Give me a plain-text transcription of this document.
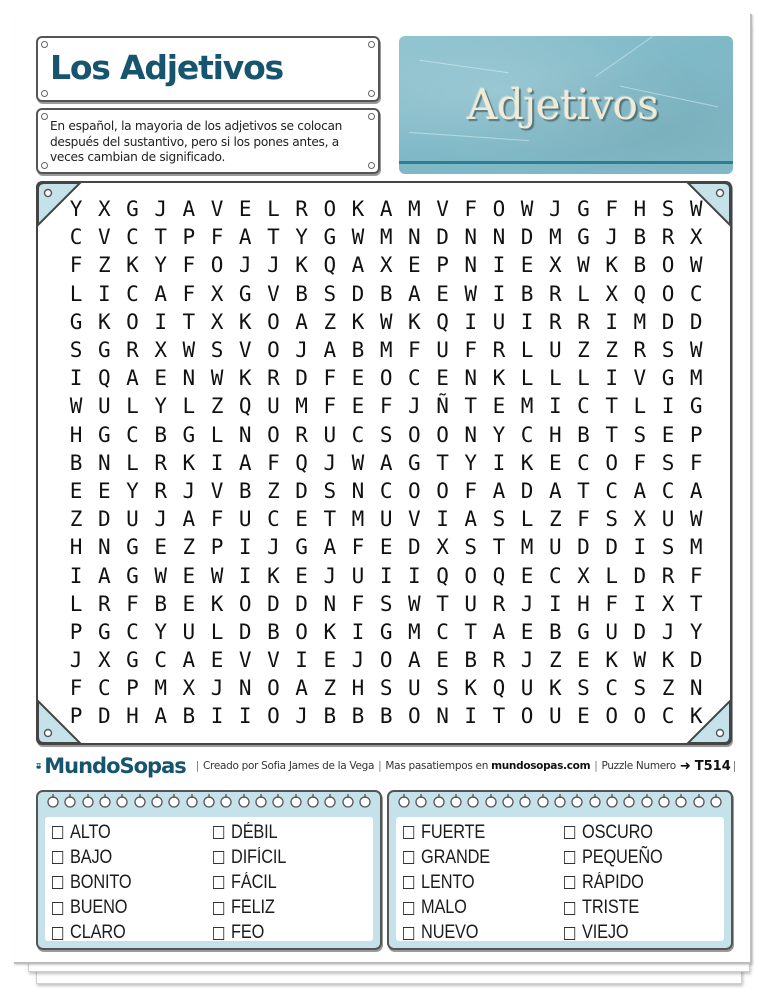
Los Adjetivos
En español, la mayoria de los adjetivos se colocan después del sustantivo, pero si los pones antes, a veces cambian de significado.
Adjetivos
Y X G J A V E L R O K A M V F O W J G F H S W
C V C T P F A T Y G W M N D N N D M G J B R X
F Z K Y F O J J K Q A X E P N I E X W K B O W
L I C A F X G V B S D B A E W I B R L X Q O C
G K O I T X K O A Z K W K Q I U I R R I M D D
S G R X W S V O J A B M F U F R L U Z Z R S W
I Q A E N W K R D F E O C E N K L L L I V G M
W U L Y L Z Q U M F E F J Ñ T E M I C T L I G
H G C B G L N O R U C S O O N Y C H B T S E P
B N L R K I A F Q J W A G T Y I K E C O F S F
E E Y R J V B Z D S N C O O F A D A T C A C A
Z D U J A F U C E T M U V I A S L Z F S X U W
H N G E Z P I J G A F E D X S T M U D D I S M
I A G W E W I K E J U I I Q O Q E C X L D R F
L R F B E K O D D N F S W T U R J I H F I X T
P G C Y U L D B O K I G M C T A E B G U D J Y
J X G C A E V V I E J O A E B R J Z E K W K D
F C P M X J N O A Z H S U S K Q U K S C S Z N
P D H A B I I O J B B B O N I T O U E O O C K
MundoSopas | Creado por Sofia James de la Vega | Mas pasatiempos en mundosopas.com | Puzzle Numero ➜ T514 |
ALTO
BAJO
BONITO
BUENO
CLARO
DÉBIL
DIFÍCIL
FÁCIL
FELIZ
FEO
FUERTE
GRANDE
LENTO
MALO
NUEVO
OSCURO
PEQUEÑO
RÁPIDO
TRISTE
VIEJO
